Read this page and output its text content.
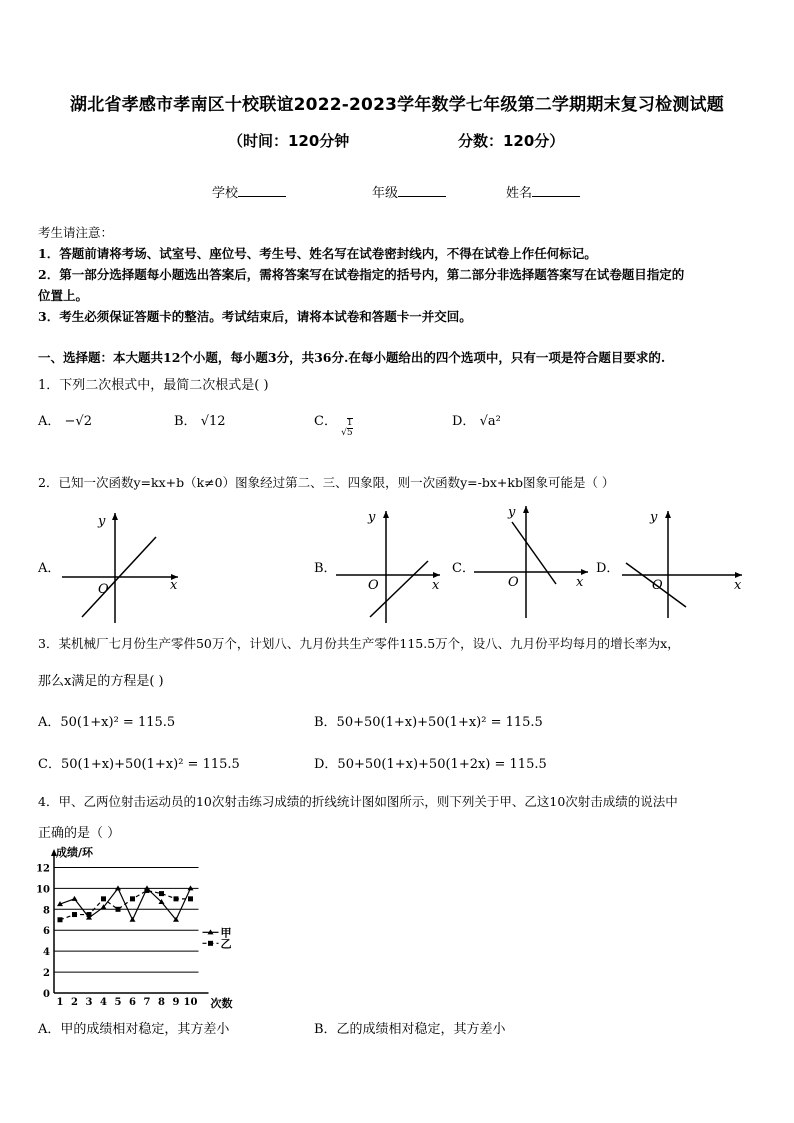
湖北省孝感市孝南区十校联谊2022-2023学年数学七年级第二学期期末复习检测试题
（时间：120分钟	分数：120分）
学校	年级	姓名
考生请注意：
1．答题前请将考场、试室号、座位号、考生号、姓名写在试卷密封线内，不得在试卷上作任何标记。
2．第一部分选择题每小题选出答案后，需将答案写在试卷指定的括号内，第二部分非选择题答案写在试卷题目指定的
位置上。
3．考生必须保证答题卡的整洁。考试结束后，请将本试卷和答题卡一并交回。
一、选择题：本大题共12个小题，每小题3分，共36分.在每小题给出的四个选项中，只有一项是符合题目要求的.
1．下列二次根式中，最简二次根式是( )
A． −√2	B． √12	C． √ $\frac{1}{5}$	D． √a²
2．已知一次函数y=kx+b（k≠0）图象经过第二、三、四象限，则一次函数y=-bx+kb图象可能是（ ）
A．
y
x
O
B．
y
x
O
C．
y
x
O
D．
y
x
O
3．某机械厂七月份生产零件50万个，计划八、九月份共生产零件115.5万个，设八、九月份平均每月的增长率为x，
那么x满足的方程是( )
A．50(1+x)² = 115.5	B．50+50(1+x)+50(1+x)² = 115.5
C．50(1+x)+50(1+x)² = 115.5	D．50+50(1+x)+50(1+2x) = 115.5
4．甲、乙两位射击运动员的10次射击练习成绩的折线统计图如图所示，则下列关于甲、乙这10次射击成绩的说法中
正确的是（ ）
0
2
4
6
8
10
12
1 2 3 4 5 6 7 8 9 10
成绩/环
次数
甲
乙
A．甲的成绩相对稳定，其方差小	B．乙的成绩相对稳定，其方差小
